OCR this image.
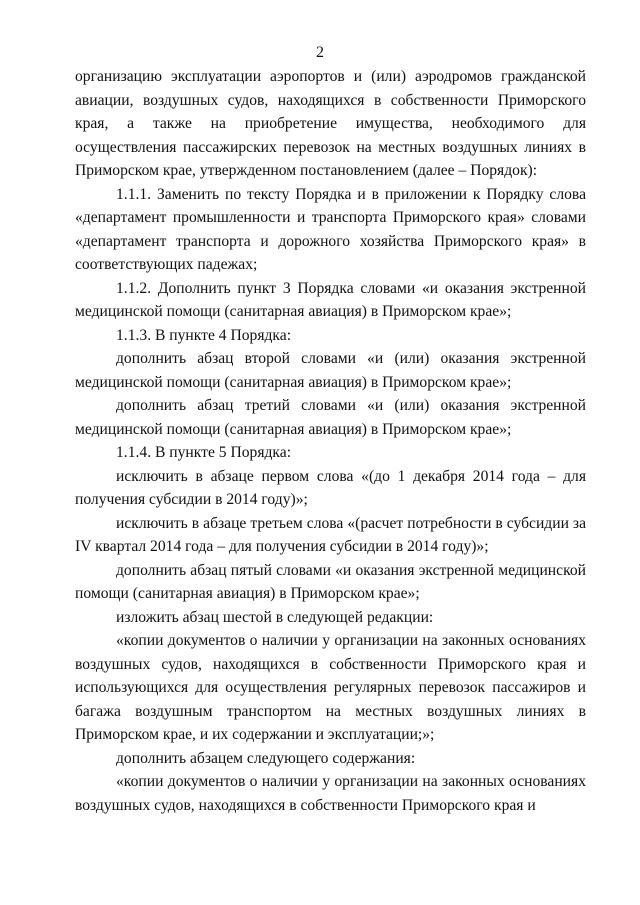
2

организацию эксплуатации аэропортов и (или) аэродромов гражданской авиации, воздушных судов, находящихся в собственности Приморского края, а также на приобретение имущества, необходимого для осуществления пассажирских перевозок на местных воздушных линиях в Приморском крае, утвержденном постановлением (далее – Порядок):

1.1.1. Заменить по тексту Порядка и в приложении к Порядку слова «департамент промышленности и транспорта Приморского края» словами «департамент транспорта и дорожного хозяйства Приморского края» в соответствующих падежах;

1.1.2. Дополнить пункт 3 Порядка словами «и оказания экстренной медицинской помощи (санитарная авиация) в Приморском крае»;

1.1.3. В пункте 4 Порядка:

дополнить абзац второй словами «и (или) оказания экстренной медицинской помощи (санитарная авиация) в Приморском крае»;

дополнить абзац третий словами «и (или) оказания экстренной медицинской помощи (санитарная авиация) в Приморском крае»;

1.1.4. В пункте 5 Порядка:

исключить в абзаце первом слова «(до 1 декабря 2014 года – для получения субсидии в 2014 году)»;

исключить в абзаце третьем слова «(расчет потребности в субсидии за IV квартал 2014 года – для получения субсидии в 2014 году)»;

дополнить абзац пятый словами «и оказания экстренной медицинской помощи (санитарная авиация) в Приморском крае»;

изложить абзац шестой в следующей редакции:

«копии документов о наличии у организации на законных основаниях воздушных судов, находящихся в собственности Приморского края и использующихся для осуществления регулярных перевозок пассажиров и багажа воздушным транспортом на местных воздушных линиях в Приморском крае, и их содержании и эксплуатации;»;

дополнить абзацем следующего содержания:

«копии документов о наличии у организации на законных основаниях воздушных судов, находящихся в собственности Приморского края и
